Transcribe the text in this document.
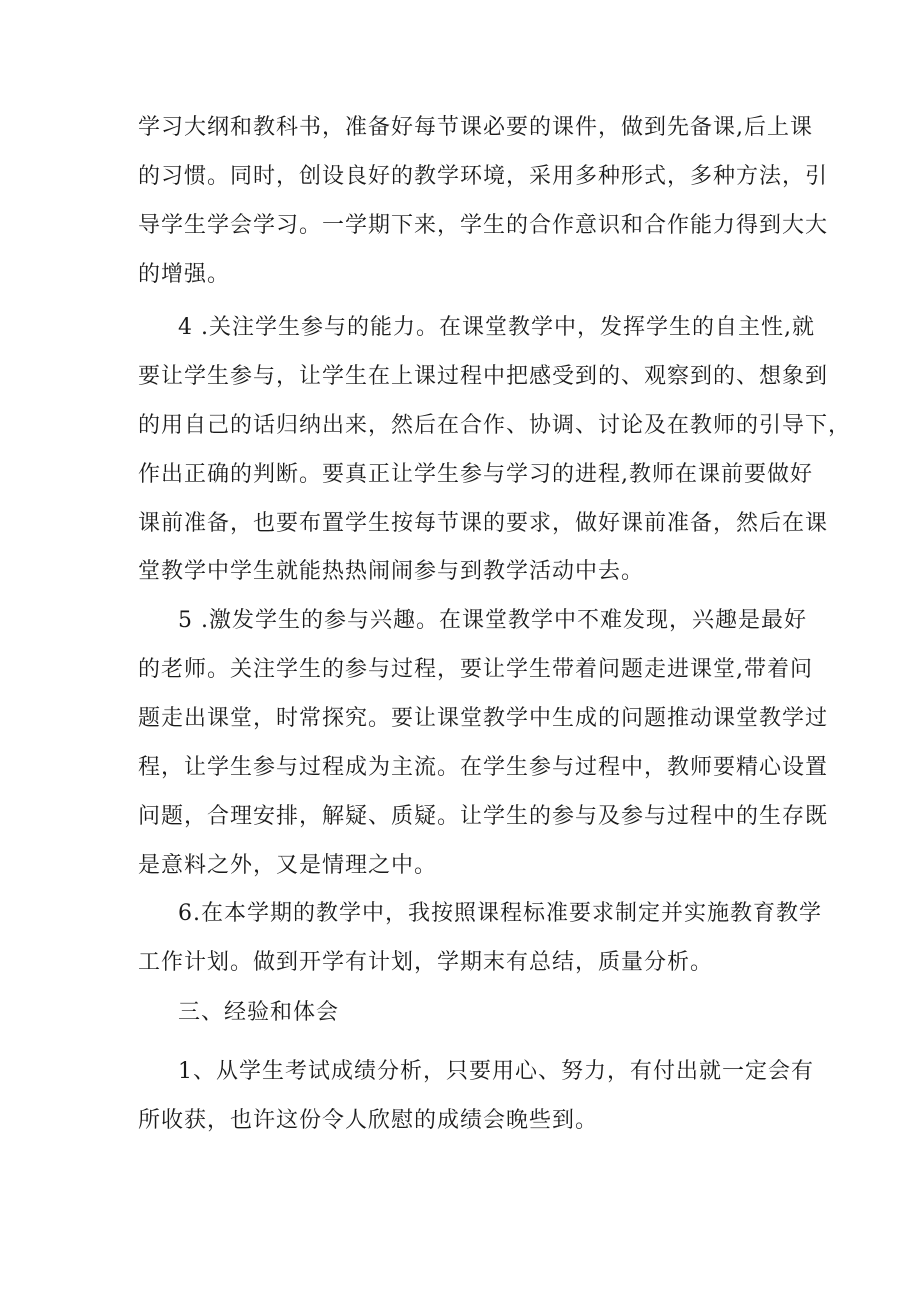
学习大纲和教科书，准备好每节课必要的课件，做到先备课,后上课
的习惯。同时，创设良好的教学环境，采用多种形式，多种方法，引
导学生学会学习。一学期下来，学生的合作意识和合作能力得到大大
的增强。
4 .关注学生参与的能力。在课堂教学中，发挥学生的自主性,就
要让学生参与，让学生在上课过程中把感受到的、观察到的、想象到
的用自己的话归纳出来，然后在合作、协调、讨论及在教师的引导下，
作出正确的判断。要真正让学生参与学习的进程,教师在课前要做好
课前准备，也要布置学生按每节课的要求，做好课前准备，然后在课
堂教学中学生就能热热闹闹参与到教学活动中去。
5 .激发学生的参与兴趣。在课堂教学中不难发现，兴趣是最好
的老师。关注学生的参与过程，要让学生带着问题走进课堂,带着问
题走出课堂，时常探究。要让课堂教学中生成的问题推动课堂教学过
程，让学生参与过程成为主流。在学生参与过程中，教师要精心设置
问题，合理安排，解疑、质疑。让学生的参与及参与过程中的生存既
是意料之外，又是情理之中。
6.在本学期的教学中，我按照课程标准要求制定并实施教育教学
工作计划。做到开学有计划，学期末有总结，质量分析。
三、经验和体会
1、从学生考试成绩分析，只要用心、努力，有付出就一定会有
所收获，也许这份令人欣慰的成绩会晚些到。
